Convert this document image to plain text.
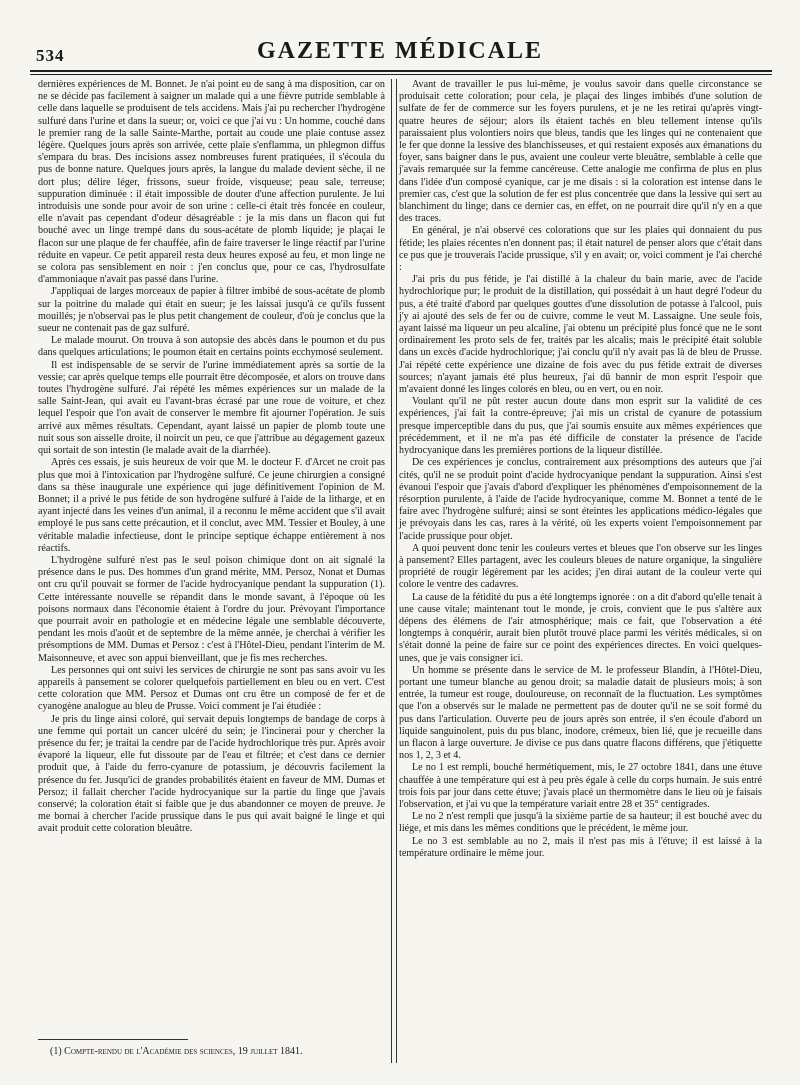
534	GAZETTE MÉDICALE

dernières expériences de M. Bonnet. Je n'ai point eu de sang à ma disposition, car on ne se décide pas facilement à saigner un malade qui a une fièvre putride semblable à celle dans laquelle se produisent de tels accidens. Mais j'ai pu rechercher l'hydrogène sulfuré dans l'urine et dans la sueur; or, voici ce que j'ai vu : Un homme, couché dans le premier rang de la salle Sainte-Marthe, portait au coude une plaie contuse assez légère. Quelques jours après son arrivée, cette plaie s'enflamma, un phlegmon diffus s'empara du bras. Des incisions assez nombreuses furent pratiquées, il s'écoula du pus de bonne nature. Quelques jours après, la langue du malade devient sèche, il ne dort plus; délire léger, frissons, sueur froide, visqueuse; peau sale, terreuse; suppuration diminuée : il était impossible de douter d'une affection purulente. Je lui introduisis une sonde pour avoir de son urine : celle-ci était très foncée en couleur, elle n'avait pas cependant d'odeur désagréable : je la mis dans un flacon qui fut bouché avec un linge trempé dans du sous-acétate de plomb liquide; je plaçai le flacon sur une plaque de fer chauffée, afin de faire traverser le linge réactif par l'urine réduite en vapeur. Ce petit appareil resta deux heures exposé au feu, et mon linge ne se colora pas sensiblement en noir : j'en conclus que, pour ce cas, l'hydrosulfate d'ammoniaque n'avait pas passé dans l'urine.

J'appliquai de larges morceaux de papier à filtrer imbibé de sous-acétate de plomb sur la poitrine du malade qui était en sueur; je les laissai jusqu'à ce qu'ils fussent mouillés; je n'observai pas le plus petit changement de couleur, d'où je conclus que la sueur ne contenait pas de gaz sulfuré.

Le malade mourut. On trouva à son autopsie des abcès dans le poumon et du pus dans quelques articulations; le poumon était en certains points ecchymosé seulement.

Il est indispensable de se servir de l'urine immédiatement après sa sortie de la vessie; car après quelque temps elle pourrait être décomposée, et alors on trouve dans toutes l'hydrogène sulfuré. J'ai répété les mêmes expériences sur un malade de la salle Saint-Jean, qui avait eu l'avant-bras écrasé par une roue de voiture, et chez lequel l'espoir que l'on avait de conserver le membre fit ajourner l'opération. Je suis arrivé aux mêmes résultats. Cependant, ayant laissé un papier de plomb toute une nuit sous son aisselle droite, il noircit un peu, ce que j'attribue au dégagement gazeux qui sortait de son intestin (le malade avait de la diarrhée).

Après ces essais, je suis heureux de voir que M. le docteur F. d'Arcet ne croit pas plus que moi à l'intoxication par l'hydrogène sulfuré. Ce jeune chirurgien a consigné dans sa thèse inaugurale une expérience qui juge définitivement l'opinion de M. Bonnet; il a privé le pus fétide de son hydrogène sulfuré à l'aide de la litharge, et en ayant injecté dans les veines d'un animal, il a reconnu le même accident que s'il avait employé le pus sans cette précaution, et il conclut, avec MM. Tessier et Bouley, à une véritable maladie infectieuse, dont le principe septique échappe entièrement à nos réactifs.

L'hydrogène sulfuré n'est pas le seul poison chimique dont on ait signalé la présence dans le pus. Des hommes d'un grand mérite, MM. Persoz, Nonat et Dumas ont cru qu'il pouvait se former de l'acide hydrocyanique pendant la suppuration (1). Cette intéressante nouvelle se répandit dans le monde savant, à l'époque où les poisons normaux dans l'économie étaient à l'ordre du jour. Prévoyant l'importance que pourrait avoir en pathologie et en médecine légale une semblable découverte, pendant les mois d'août et de septembre de la même année, je cherchai à vérifier les présomptions de MM. Dumas et Persoz : c'est à l'Hôtel-Dieu, pendant l'interim de M. Maisonneuve, et avec son appui bienveillant, que je fis mes recherches.

Les personnes qui ont suivi les services de chirurgie ne sont pas sans avoir vu les appareils à pansement se colorer quelquefois partiellement en bleu ou en vert. C'est cette coloration que MM. Persoz et Dumas ont cru être un composé de fer et de cyanogène analogue au bleu de Prusse. Voici comment je l'ai étudiée :

Je pris du linge ainsi coloré, qui servait depuis longtemps de bandage de corps à une femme qui portait un cancer ulcéré du sein; je l'incinerai pour y chercher la présence du fer; je traitai la cendre par de l'acide hydrochlorique très pur. Après avoir évaporé la liqueur, elle fut dissoute par de l'eau et filtrée; et c'est dans ce dernier produit que, à l'aide du ferro-cyanure de potassium, je découvris facilement la présence du fer. Jusqu'ici de grandes probabilités étaient en faveur de MM. Dumas et Persoz; il fallait chercher l'acide hydrocyanique sur la partie du linge que j'avais conservé; la coloration était si faible que je dus abandonner ce moyen de preuve. Je me bornai à chercher l'acide prussique dans le pus qui avait baigné le linge et qui avait produit cette coloration bleuâtre.

Avant de travailler le pus lui-même, je voulus savoir dans quelle circonstance se produisait cette coloration; pour cela, je plaçai des linges imbibés d'une solution de sulfate de fer de commerce sur les foyers purulens, et je ne les retirai qu'après vingt-quatre heures de séjour; alors ils étaient tachés en bleu tellement intense qu'ils paraissaient plus volontiers noirs que bleus, tandis que les linges qui ne contenaient que le fer que donne la lessive des blanchisseuses, et qui restaient exposés aux émanations du foyer, sans baigner dans le pus, avaient une couleur verte bleuâtre, semblable à celle que j'avais remarquée sur la femme cancéreuse. Cette analogie me confirma de plus en plus dans l'idée d'un composé cyanique, car je me disais : si la coloration est intense dans le premier cas, c'est que la solution de fer est plus concentrée que dans la lessive qui sert au blanchiment du linge; dans ce dernier cas, en effet, on ne pourrait dire qu'il n'y en a que des traces.

En général, je n'ai observé ces colorations que sur les plaies qui donnaient du pus fétide; les plaies récentes n'en donnent pas; il était naturel de penser alors que c'était dans ce pus que je trouverais l'acide prussique, s'il y en avait; or, voici comment je l'ai cherché :

J'ai pris du pus fétide, je l'ai distillé à la chaleur du bain marie, avec de l'acide hydrochlorique pur; le produit de la distillation, qui possédait à un haut degré l'odeur du pus, a été traité d'abord par quelques gouttes d'une dissolution de potasse à l'alcool, puis j'y ai ajouté des sels de fer ou de cuivre, comme le veut M. Lassaigne. Une seule fois, ayant laissé ma liqueur un peu alcaline, j'ai obtenu un précipité plus foncé que ne le sont ordinairement les proto sels de fer, traités par les alcalis; mais le précipité était soluble dans un excès d'acide hydrochlorique; j'ai conclu qu'il n'y avait pas là de bleu de Prusse. J'ai répété cette expérience une dizaine de fois avec du pus fétide extrait de diverses sources; n'ayant jamais été plus heureux, j'ai dû bannir de mon esprit l'espoir que m'avaient donné les linges colorés en bleu, ou en vert, ou en noir.

Voulant qu'il ne pût rester aucun doute dans mon esprit sur la validité de ces expériences, j'ai fait la contre-épreuve; j'ai mis un cristal de cyanure de potassium presque imperceptible dans du pus, que j'ai soumis ensuite aux mêmes expériences que précédemment, et il ne m'a pas été difficile de constater la présence de l'acide hydrocyanique dans les premières portions de la liqueur distillée.

De ces expériences je conclus, contrairement aux présomptions des auteurs que j'ai cités, qu'il ne se produit point d'acide hydrocyanique pendant la suppuration. Ainsi s'est évanoui l'espoir que j'avais d'abord d'expliquer les phénomènes d'empoisonnement de la résorption purulente, à l'aide de l'acide hydrocyanique, comme M. Bonnet a tenté de le faire avec l'hydrogène sulfuré; ainsi se sont éteintes les applications médico-légales que je prévoyais dans les cas, rares à la vérité, où les experts voient l'empoisonnement par l'acide prussique pour objet.

A quoi peuvent donc tenir les couleurs vertes et bleues que l'on observe sur les linges à pansement? Elles partagent, avec les couleurs bleues de nature organique, la singulière propriété de rougir légèrement par les acides; j'en dirai autant de la couleur verte qui colore le ventre des cadavres.

La cause de la fétidité du pus a été longtemps ignorée : on a dit d'abord qu'elle tenait à une cause vitale; maintenant tout le monde, je crois, convient que le pus s'altère aux dépens des élémens de l'air atmosphérique; mais ce fait, que l'observation a été longtemps à conquérir, aurait bien plutôt trouvé place parmi les vérités médicales, si on s'était donné la peine de faire sur ce point des expériences directes. En voici quelques-unes, que je vais consigner ici.

Un homme se présente dans le service de M. le professeur Blandin, à l'Hôtel-Dieu, portant une tumeur blanche au genou droit; sa maladie datait de plusieurs mois; à son entrée, la tumeur est rouge, douloureuse, on reconnaît de la fluctuation. Les symptômes que l'on a observés sur le malade ne permettent pas de douter qu'il ne se soit formé du pus dans l'articulation. Ouverte peu de jours après son entrée, il s'en écoule d'abord un liquide sanguinolent, puis du pus blanc, inodore, crémeux, bien lié, que je recueille dans un flacon à large ouverture. Je divise ce pus dans quatre flacons différens, que j'étiquette nos 1, 2, 3 et 4.

Le no 1 est rempli, bouché hermétiquement, mis, le 27 octobre 1841, dans une étuve chauffée à une température qui est à peu près égale à celle du corps humain. Je suis entré trois fois par jour dans cette étuve; j'avais placé un thermomètre dans le lieu où je faisais l'observation, et j'ai vu que la température variait entre 28 et 35° centigrades.

Le no 2 n'est rempli que jusqu'à la sixième partie de sa hauteur; il est bouché avec du liége, et mis dans les mêmes conditions que le précédent, le même jour.

Le no 3 est semblable au no 2, mais il n'est pas mis à l'étuve; il est laissé à la température ordinaire le même jour.

(1) Compte-rendu de l'Académie des sciences, 19 juillet 1841.
